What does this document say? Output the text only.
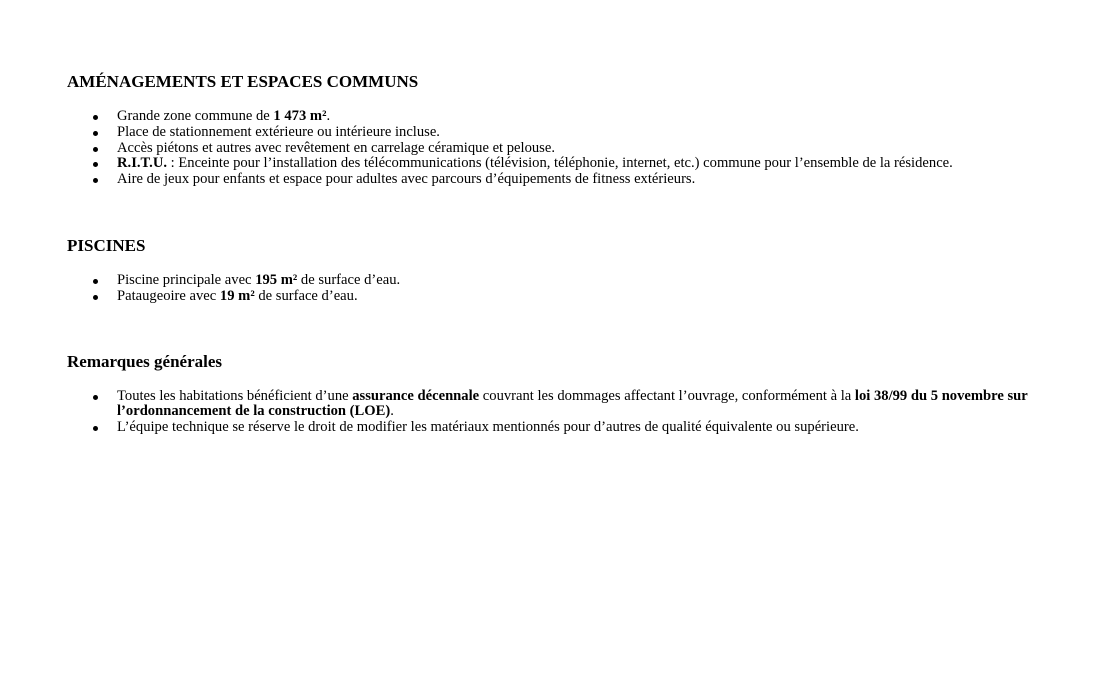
AMÉNAGEMENTS ET ESPACES COMMUNS
Grande zone commune de 1 473 m².
Place de stationnement extérieure ou intérieure incluse.
Accès piétons et autres avec revêtement en carrelage céramique et pelouse.
R.I.T.U. : Enceinte pour l’installation des télécommunications (télévision, téléphonie, internet, etc.) commune pour l’ensemble de la résidence.
Aire de jeux pour enfants et espace pour adultes avec parcours d’équipements de fitness extérieurs.
PISCINES
Piscine principale avec 195 m² de surface d’eau.
Pataugeoire avec 19 m² de surface d’eau.
Remarques générales
Toutes les habitations bénéficient d’une assurance décennale couvrant les dommages affectant l’ouvrage, conformément à la loi 38/99 du 5 novembre sur l’ordonnancement de la construction (LOE).
L’équipe technique se réserve le droit de modifier les matériaux mentionnés pour d’autres de qualité équivalente ou supérieure.
